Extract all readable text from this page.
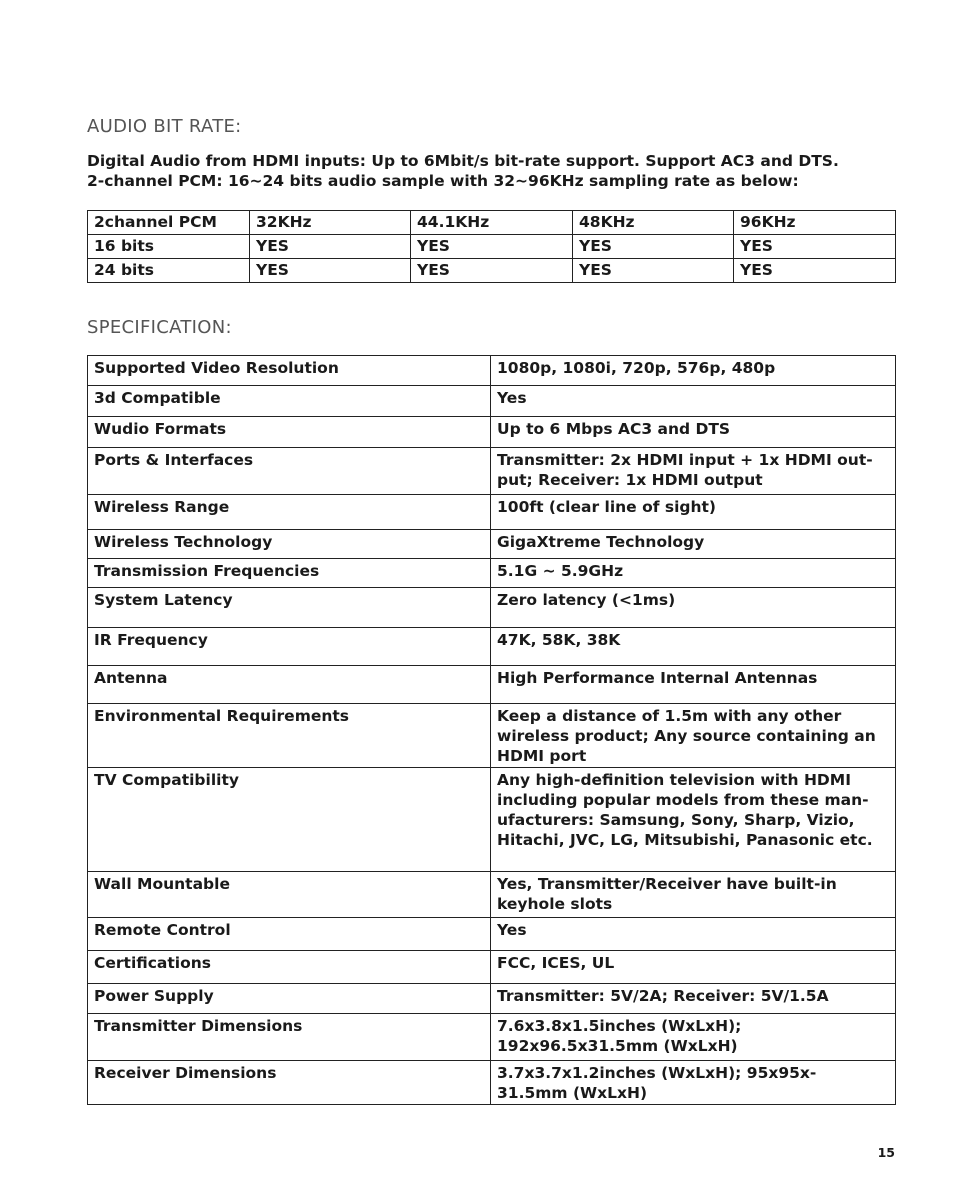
AUDIO BIT RATE:

Digital Audio from HDMI inputs: Up to 6Mbit/s bit-rate support. Support AC3 and DTS.
2-channel PCM: 16~24 bits audio sample with 32~96KHz sampling rate as below:

2channel PCM	32KHz	44.1KHz	48KHz	96KHz
16 bits	YES	YES	YES	YES
24 bits	YES	YES	YES	YES
SPECIFICATION:
Supported Video Resolution	1080p, 1080i, 720p, 576p, 480p
3d Compatible	Yes
Wudio Formats	Up to 6 Mbps AC3 and DTS
Ports & Interfaces	Transmitter: 2x HDMI input + 1x HDMI out- put; Receiver: 1x HDMI output
Wireless Range	100ft (clear line of sight)
Wireless Technology	GigaXtreme Technology
Transmission Frequencies	5.1G ~ 5.9GHz
System Latency	Zero latency (<1ms)
IR Frequency	47K, 58K, 38K
Antenna	High Performance Internal Antennas
Environmental Requirements	Keep a distance of 1.5m with any other wireless product; Any source containing an HDMI port
TV Compatibility	Any high-definition television with HDMI including popular models from these man- ufacturers: Samsung, Sony, Sharp, Vizio, Hitachi, JVC, LG, Mitsubishi, Panasonic etc.
Wall Mountable	Yes, Transmitter/Receiver have built-in keyhole slots
Remote Control	Yes
Certifications	FCC, ICES, UL
Power Supply	Transmitter: 5V/2A; Receiver: 5V/1.5A
Transmitter Dimensions	7.6x3.8x1.5inches (WxLxH); 192x96.5x31.5mm (WxLxH)
Receiver Dimensions	3.7x3.7x1.2inches (WxLxH); 95x95x- 31.5mm (WxLxH)
15
